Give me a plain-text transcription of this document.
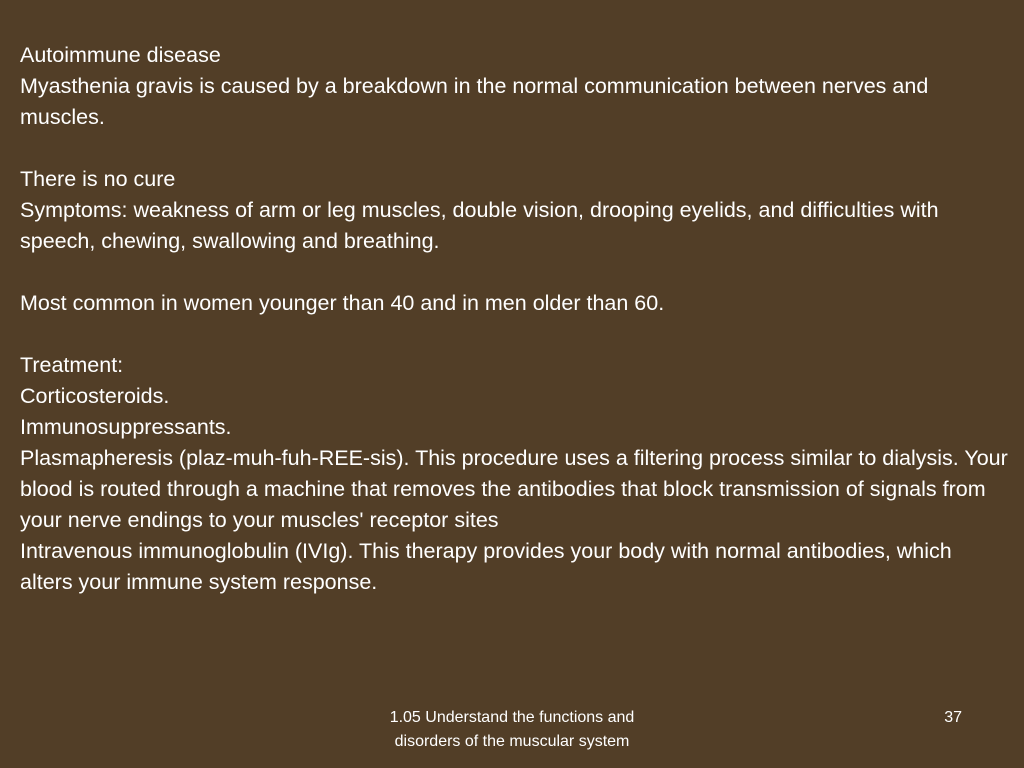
Autoimmune disease
Myasthenia gravis is caused by a breakdown in the normal communication between nerves and muscles.
There is no cure
Symptoms: weakness of arm or leg muscles, double vision, drooping eyelids, and difficulties with speech, chewing, swallowing and breathing.
Most common in women younger than 40 and in men older than 60.
Treatment:
Corticosteroids.
Immunosuppressants.
Plasmapheresis (plaz-muh-fuh-REE-sis). This procedure uses a filtering process similar to dialysis. Your blood is routed through a machine that removes the antibodies that block transmission of signals from your nerve endings to your muscles' receptor sites
Intravenous immunoglobulin (IVIg). This therapy provides your body with normal antibodies, which alters your immune system response.
1.05 Understand the functions and
disorders of the muscular system
37
